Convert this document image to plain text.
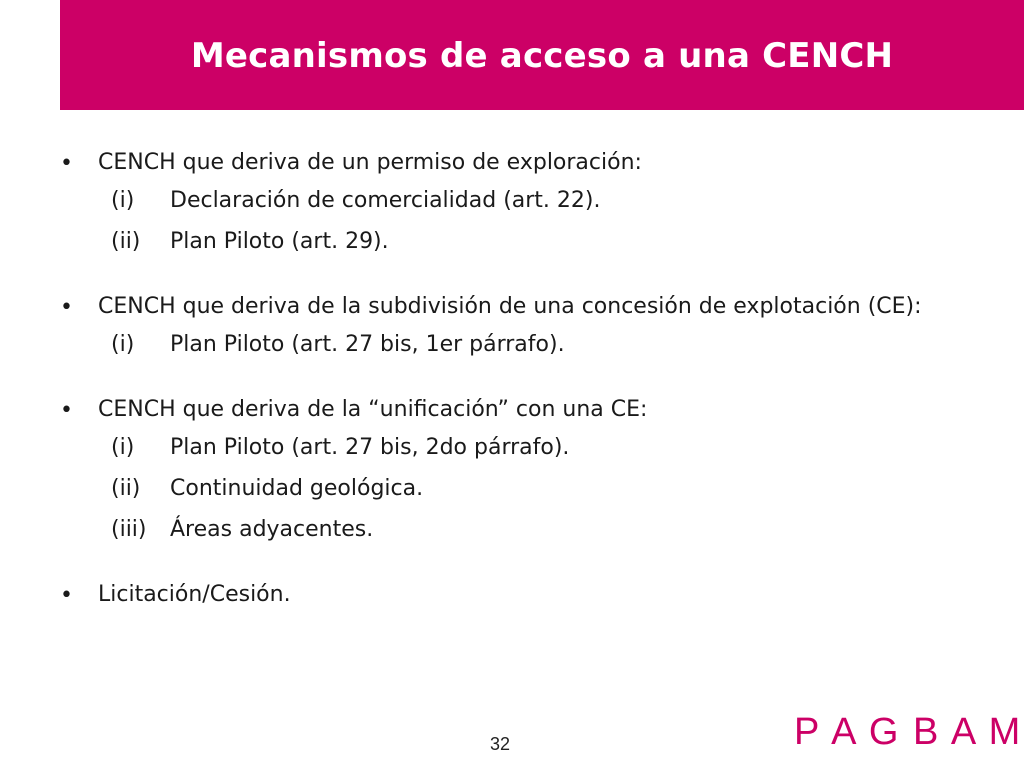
Mecanismos de acceso a una CENCH
• CENCH que deriva de un permiso de exploración:
(i) Declaración de comercialidad (art. 22).
(ii) Plan Piloto (art. 29).
• CENCH que deriva de la subdivisión de una concesión de explotación (CE):
(i) Plan Piloto (art. 27 bis, 1er párrafo).
• CENCH que deriva de la “unificación” con una CE:
(i) Plan Piloto (art. 27 bis, 2do párrafo).
(ii) Continuidad geológica.
(iii) Áreas adyacentes.
• Licitación/Cesión.
32	P A G B A M
